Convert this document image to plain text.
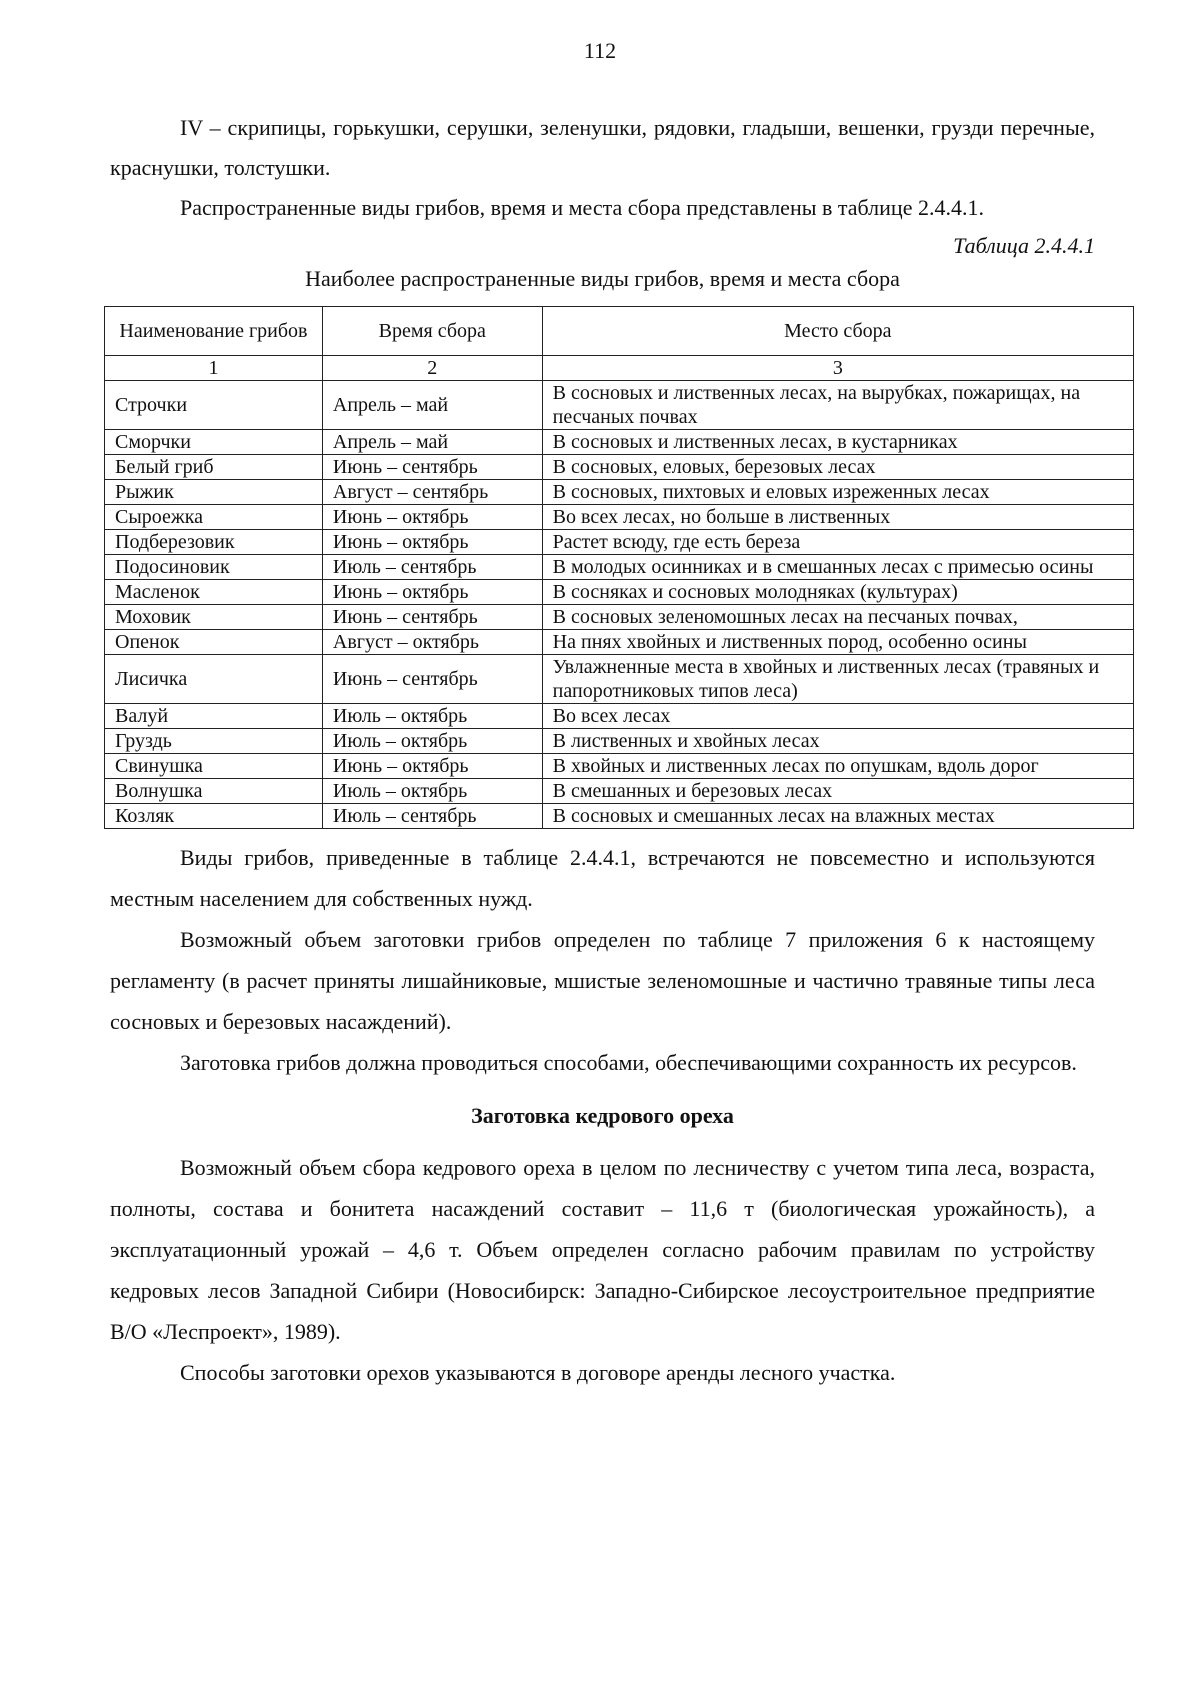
112

IV – скрипицы, горькушки, серушки, зеленушки, рядовки, гладыши, вешенки, грузди перечные, краснушки, толстушки.

Распространенные виды грибов, время и места сбора представлены в таблице 2.4.4.1.

Таблица 2.4.4.1

Наиболее распространенные виды грибов, время и места сбора

Наименование грибов	Время сбора	Место сбора
1	2	3
Строчки	Апрель – май	В сосновых и лиственных лесах, на вырубках, пожарищах, на песчаных почвах
Сморчки	Апрель – май	В сосновых и лиственных лесах, в кустарниках
Белый гриб	Июнь – сентябрь	В сосновых, еловых, березовых лесах
Рыжик	Август – сентябрь	В сосновых, пихтовых и еловых изреженных лесах
Сыроежка	Июнь – октябрь	Во всех лесах, но больше в лиственных
Подберезовик	Июнь – октябрь	Растет всюду, где есть береза
Подосиновик	Июль – сентябрь	В молодых осинниках и в смешанных лесах с примесью осины
Масленок	Июнь – октябрь	В сосняках и сосновых молодняках (культурах)
Моховик	Июнь – сентябрь	В сосновых зеленомошных лесах на песчаных почвах,
Опенок	Август – октябрь	На пнях хвойных и лиственных пород, особенно осины
Лисичка	Июнь – сентябрь	Увлажненные места в хвойных и лиственных лесах (травяных и папоротниковых типов леса)
Валуй	Июль – октябрь	Во всех лесах
Груздь	Июль – октябрь	В лиственных и хвойных лесах
Свинушка	Июнь – октябрь	В хвойных и лиственных лесах по опушкам, вдоль дорог
Волнушка	Июль – октябрь	В смешанных и березовых лесах
Козляк	Июль – сентябрь	В сосновых и смешанных лесах на влажных местах

Виды грибов, приведенные в таблице 2.4.4.1, встречаются не повсеместно и используются местным населением для собственных нужд.

Возможный объем заготовки грибов определен по таблице 7 приложения 6 к настоящему регламенту (в расчет приняты лишайниковые, мшистые зеленомошные и частично травяные типы леса сосновых и березовых насаждений).

Заготовка грибов должна проводиться способами, обеспечивающими сохранность их ресурсов.

Заготовка кедрового ореха

Возможный объем сбора кедрового ореха в целом по лесничеству с учетом типа леса, возраста, полноты, состава и бонитета насаждений составит – 11,6 т (биологическая урожайность), а эксплуатационный урожай – 4,6 т. Объем определен согласно рабочим правилам по устройству кедровых лесов Западной Сибири (Новосибирск: Западно-Сибирское лесоустроительное предприятие В/О «Леспроект», 1989).

Способы заготовки орехов указываются в договоре аренды лесного участка.
